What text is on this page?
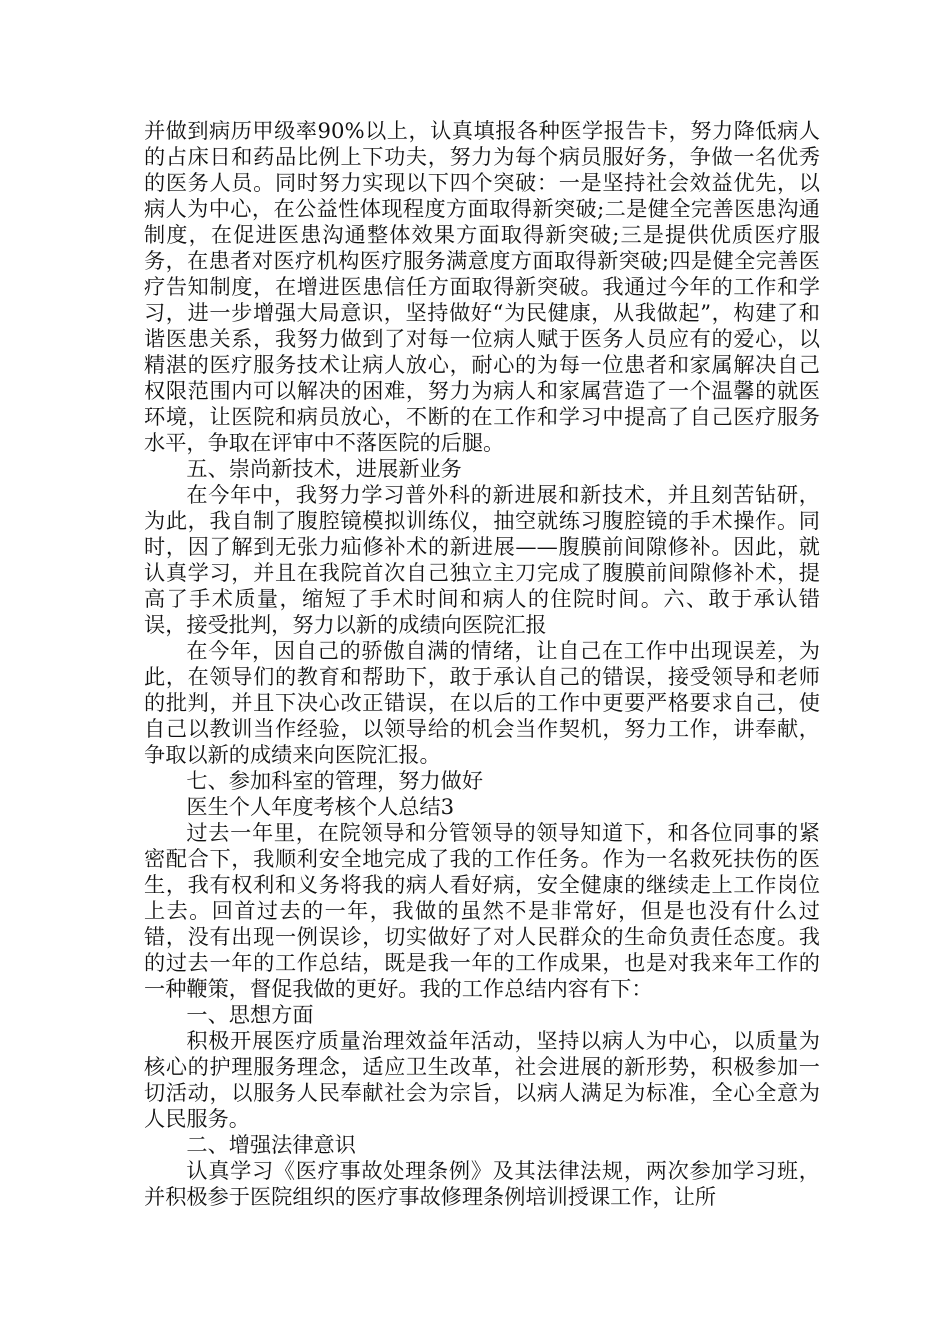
并做到病历甲级率90%以上，认真填报各种医学报告卡，努力降低病人的占床日和药品比例上下功夫，努力为每个病员服好务，争做一名优秀的医务人员。同时努力实现以下四个突破：一是坚持社会效益优先，以病人为中心，在公益性体现程度方面取得新突破;二是健全完善医患沟通制度，在促进医患沟通整体效果方面取得新突破;三是提供优质医疗服务，在患者对医疗机构医疗服务满意度方面取得新突破;四是健全完善医疗告知制度，在增进医患信任方面取得新突破。我通过今年的工作和学习，进一步增强大局意识，坚持做好“为民健康，从我做起”，构建了和谐医患关系，我努力做到了对每一位病人赋于医务人员应有的爱心，以精湛的医疗服务技术让病人放心，耐心的为每一位患者和家属解决自己权限范围内可以解决的困难，努力为病人和家属营造了一个温馨的就医环境，让医院和病员放心，不断的在工作和学习中提高了自己医疗服务水平，争取在评审中不落医院的后腿。

五、崇尚新技术，进展新业务

在今年中，我努力学习普外科的新进展和新技术，并且刻苦钻研，为此，我自制了腹腔镜模拟训练仪，抽空就练习腹腔镜的手术操作。同时，因了解到无张力疝修补术的新进展——腹膜前间隙修补。因此，就认真学习，并且在我院首次自己独立主刀完成了腹膜前间隙修补术，提高了手术质量，缩短了手术时间和病人的住院时间。六、敢于承认错误，接受批判，努力以新的成绩向医院汇报

在今年，因自己的骄傲自满的情绪，让自己在工作中出现误差，为此，在领导们的教育和帮助下，敢于承认自己的错误，接受领导和老师的批判，并且下决心改正错误，在以后的工作中更要严格要求自己，使自己以教训当作经验，以领导给的机会当作契机，努力工作，讲奉献，争取以新的成绩来向医院汇报。

七、参加科室的管理，努力做好

医生个人年度考核个人总结3

过去一年里，在院领导和分管领导的领导知道下，和各位同事的紧密配合下，我顺利安全地完成了我的工作任务。作为一名救死扶伤的医生，我有权利和义务将我的病人看好病，安全健康的继续走上工作岗位上去。回首过去的一年，我做的虽然不是非常好，但是也没有什么过错，没有出现一例误诊，切实做好了对人民群众的生命负责任态度。我的过去一年的工作总结，既是我一年的工作成果，也是对我来年工作的一种鞭策，督促我做的更好。我的工作总结内容有下：

一、思想方面

积极开展医疗质量治理效益年活动，坚持以病人为中心，以质量为核心的护理服务理念，适应卫生改革，社会进展的新形势，积极参加一切活动，以服务人民奉献社会为宗旨，以病人满足为标准，全心全意为人民服务。

二、增强法律意识

认真学习《医疗事故处理条例》及其法律法规，两次参加学习班，并积极参于医院组织的医疗事故修理条例培训授课工作，让所
